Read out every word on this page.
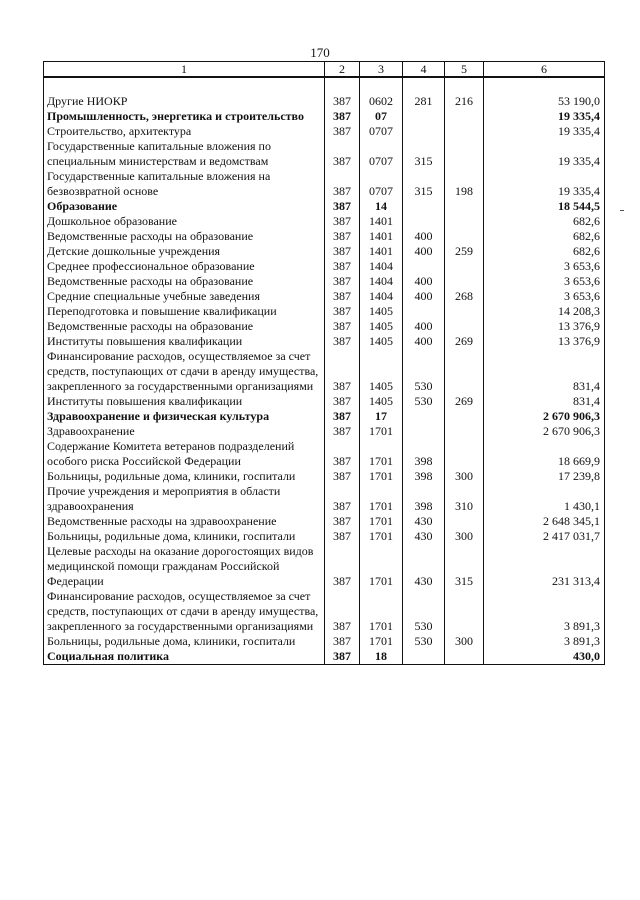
170
1	2	3	4	5	6

Другие НИОКР	387	0602	281	216	53 190,0
Промышленность, энергетика и строительство	387	07			19 335,4
Строительство, архитектура	387	0707			19 335,4
Государственные капитальные вложения по специальным министерствам и ведомствам	387	0707	315		19 335,4
Государственные капитальные вложения на безвозвратной основе	387	0707	315	198	19 335,4
Образование	387	14			18 544,5
Дошкольное образование	387	1401			682,6
Ведомственные расходы на образование	387	1401	400		682,6
Детские дошкольные учреждения	387	1401	400	259	682,6
Среднее профессиональное образование	387	1404			3 653,6
Ведомственные расходы на образование	387	1404	400		3 653,6
Средние специальные учебные заведения	387	1404	400	268	3 653,6
Переподготовка и повышение квалификации	387	1405			14 208,3
Ведомственные расходы на образование	387	1405	400		13 376,9
Институты повышения квалификации	387	1405	400	269	13 376,9
Финансирование расходов, осуществляемое за счет средств, поступающих от сдачи в аренду имущества, закрепленного за государственными организациями	387	1405	530		831,4
Институты повышения квалификации	387	1405	530	269	831,4
Здравоохранение и физическая культура	387	17			2 670 906,3
Здравоохранение	387	1701			2 670 906,3
Содержание Комитета ветеранов подразделений особого риска Российской Федерации	387	1701	398		18 669,9
Больницы, родильные дома, клиники, госпитали	387	1701	398	300	17 239,8
Прочие учреждения и мероприятия в области здравоохранения	387	1701	398	310	1 430,1
Ведомственные расходы на здравоохранение	387	1701	430		2 648 345,1
Больницы, родильные дома, клиники, госпитали	387	1701	430	300	2 417 031,7
Целевые расходы на оказание дорогостоящих видов медицинской помощи гражданам Российской Федерации	387	1701	430	315	231 313,4
Финансирование расходов, осуществляемое за счет средств, поступающих от сдачи в аренду имущества, закрепленного за государственными организациями	387	1701	530		3 891,3
Больницы, родильные дома, клиники, госпитали	387	1701	530	300	3 891,3
Социальная политика	387	18			430,0
